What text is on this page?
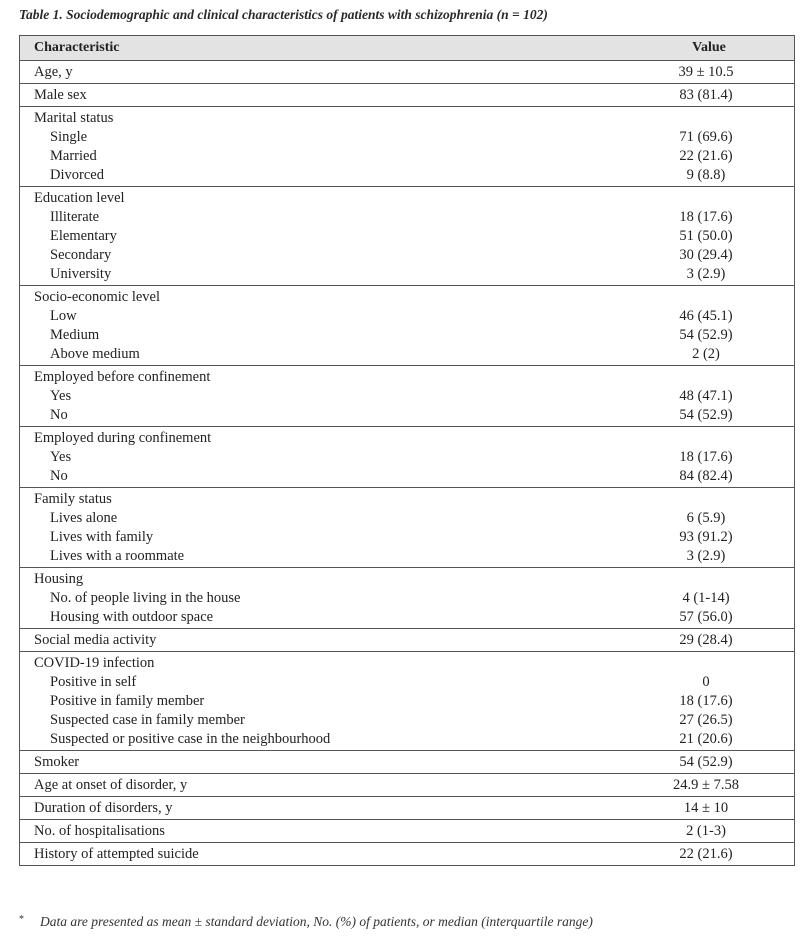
Table 1. Sociodemographic and clinical characteristics of patients with schizophrenia (n = 102)
Characteristic	Value
Age, y	39 ± 10.5
Male sex	83 (81.4)
Marital status
Single	71 (69.6)
Married	22 (21.6)
Divorced	9 (8.8)
Education level
Illiterate	18 (17.6)
Elementary	51 (50.0)
Secondary	30 (29.4)
University	3 (2.9)
Socio-economic level
Low	46 (45.1)
Medium	54 (52.9)
Above medium	2 (2)
Employed before confinement
Yes	48 (47.1)
No	54 (52.9)
Employed during confinement
Yes	18 (17.6)
No	84 (82.4)
Family status
Lives alone	6 (5.9)
Lives with family	93 (91.2)
Lives with a roommate	3 (2.9)
Housing
No. of people living in the house	4 (1-14)
Housing with outdoor space	57 (56.0)
Social media activity	29 (28.4)
COVID-19 infection
Positive in self	0
Positive in family member	18 (17.6)
Suspected case in family member	27 (26.5)
Suspected or positive case in the neighbourhood	21 (20.6)
Smoker	54 (52.9)
Age at onset of disorder, y	24.9 ± 7.58
Duration of disorders, y	14 ± 10
No. of hospitalisations	2 (1-3)
History of attempted suicide	22 (21.6)
* Data are presented as mean ± standard deviation, No. (%) of patients, or median (interquartile range)
